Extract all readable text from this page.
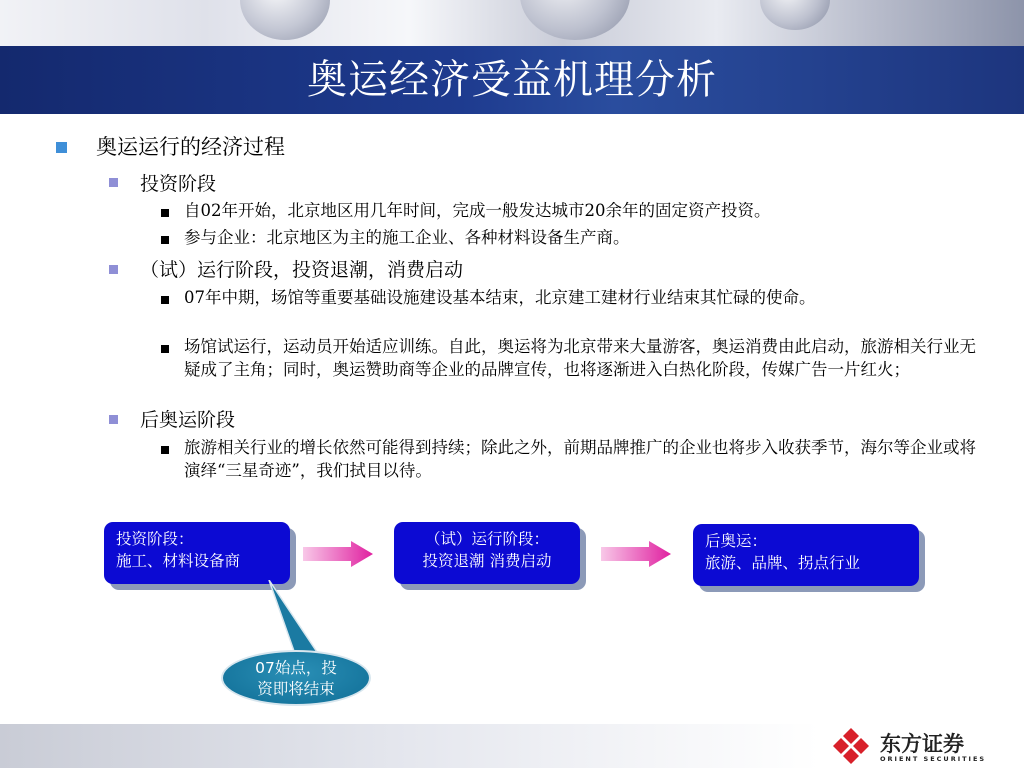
奥运经济受益机理分析
奥运运行的经济过程
投资阶段
自02年开始，北京地区用几年时间，完成一般发达城市20余年的固定资产投资。
参与企业：北京地区为主的施工企业、各种材料设备生产商。
（试）运行阶段，投资退潮，消费启动
07年中期，场馆等重要基础设施建设基本结束，北京建工建材行业结束其忙碌的使命。
场馆试运行，运动员开始适应训练。自此，奥运将为北京带来大量游客，奥运消费由此启动，旅游相关行业无疑成了主角；同时，奥运赞助商等企业的品牌宣传，也将逐渐进入白热化阶段，传媒广告一片红火；
后奥运阶段
旅游相关行业的增长依然可能得到持续；除此之外，前期品牌推广的企业也将步入收获季节，海尔等企业或将演绎“三星奇迹”，我们拭目以待。
投资阶段：
施工、材料设备商
（试）运行阶段：
投资退潮 消费启动
后奥运：
旅游、品牌、拐点行业
07始点，投
资即将结束
东方证券
ORIENT SECURITIES
